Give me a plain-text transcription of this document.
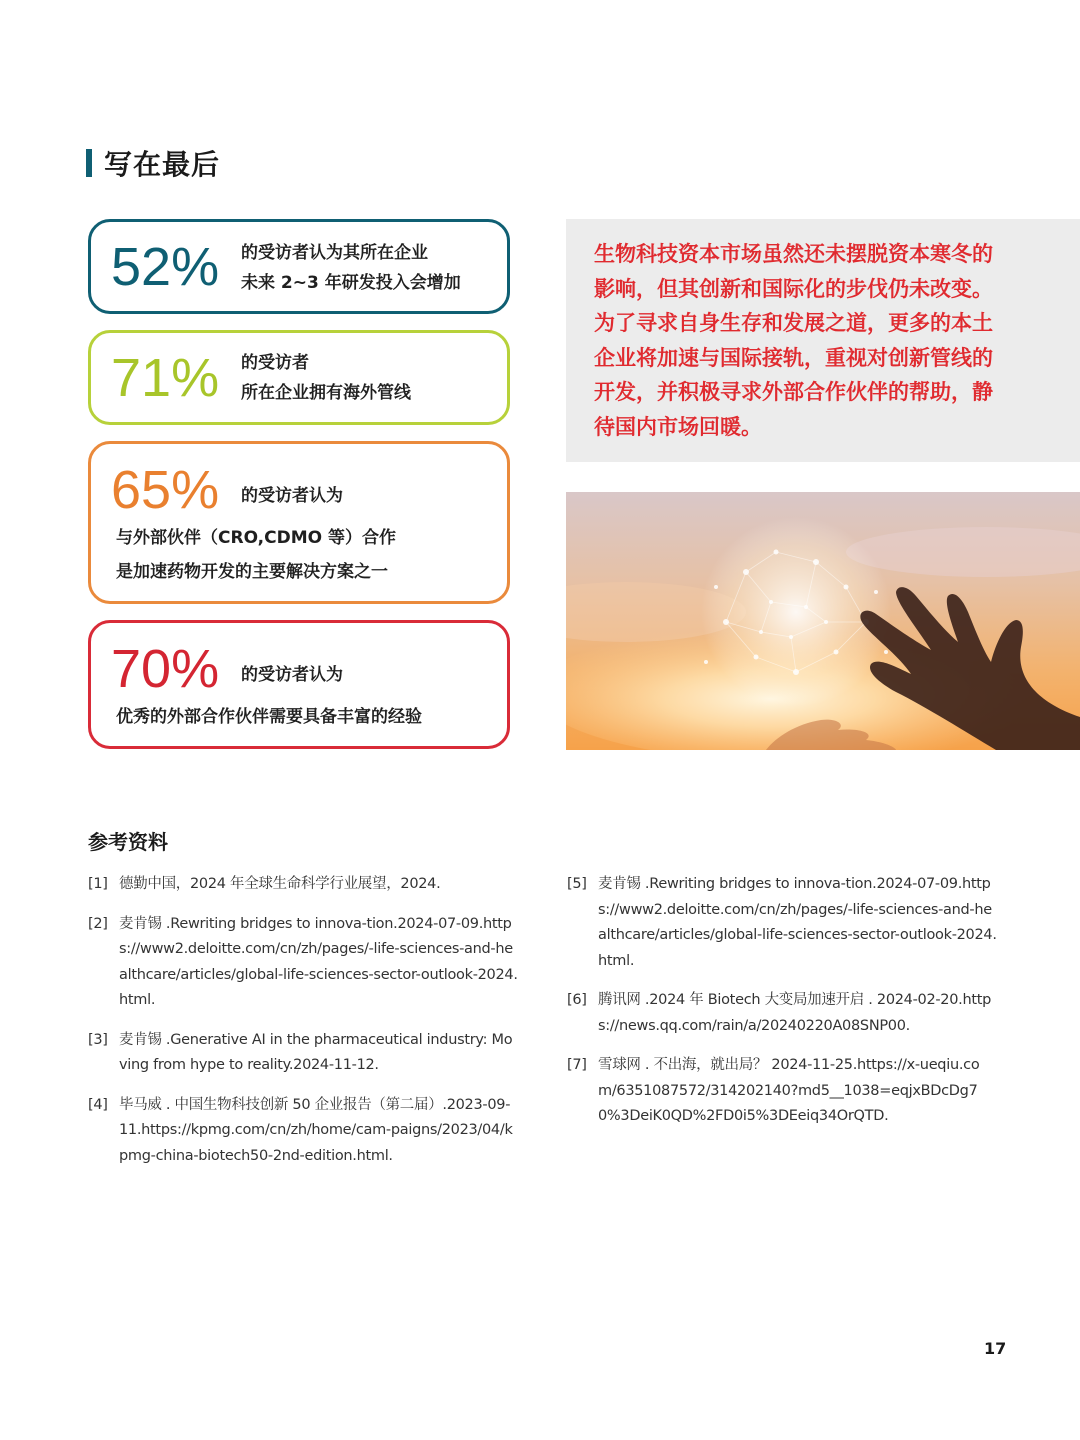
写在最后
52% 的受访者认为其所在企业
未来 2~3 年研发投入会增加
71% 的受访者
所在企业拥有海外管线
65% 的受访者认为
与外部伙伴（CRO,CDMO 等）合作
是加速药物开发的主要解决方案之一
70% 的受访者认为
优秀的外部合作伙伴需要具备丰富的经验
生物科技资本市场虽然还未摆脱资本寒冬的影响，但其创新和国际化的步伐仍未改变。为了寻求自身生存和发展之道，更多的本土企业将加速与国际接轨，重视对创新管线的开发，并积极寻求外部合作伙伴的帮助，静待国内市场回暖。
参考资料
[1] 德勤中国，2024 年全球生命科学行业展望，2024.
[2] 麦肯锡 .Rewriting bridges to innova-tion.2024-07-09.https://www2.deloitte.com/cn/zh/pages/-life-sciences-and-healthcare/articles/global-life-sciences-sector-outlook-2024.html.
[3] 麦肯锡 .Generative AI in the pharmaceutical industry: Moving from hype to reality.2024-11-12.
[4] 毕马威 . 中国生物科技创新 50 企业报告（第二届）.2023-09-11.https://kpmg.com/cn/zh/home/cam-paigns/2023/04/kpmg-china-biotech50-2nd-edition.html.
[5] 麦肯锡 .Rewriting bridges to innova-tion.2024-07-09.https://www2.deloitte.com/cn/zh/pages/-life-sciences-and-healthcare/articles/global-life-sciences-sector-outlook-2024.html.
[6] 腾讯网 .2024 年 Biotech 大变局加速开启 . 2024-02-20.https://news.qq.com/rain/a/20240220A08SNP00.
[7] 雪球网 . 不出海，就出局？ 2024-11-25.https://x-ueqiu.com/6351087572/314202140?md5__1038=eqjxBDcDg70%3DeiK0QD%2FD0i5%3DEeiq34OrQTD.
17
